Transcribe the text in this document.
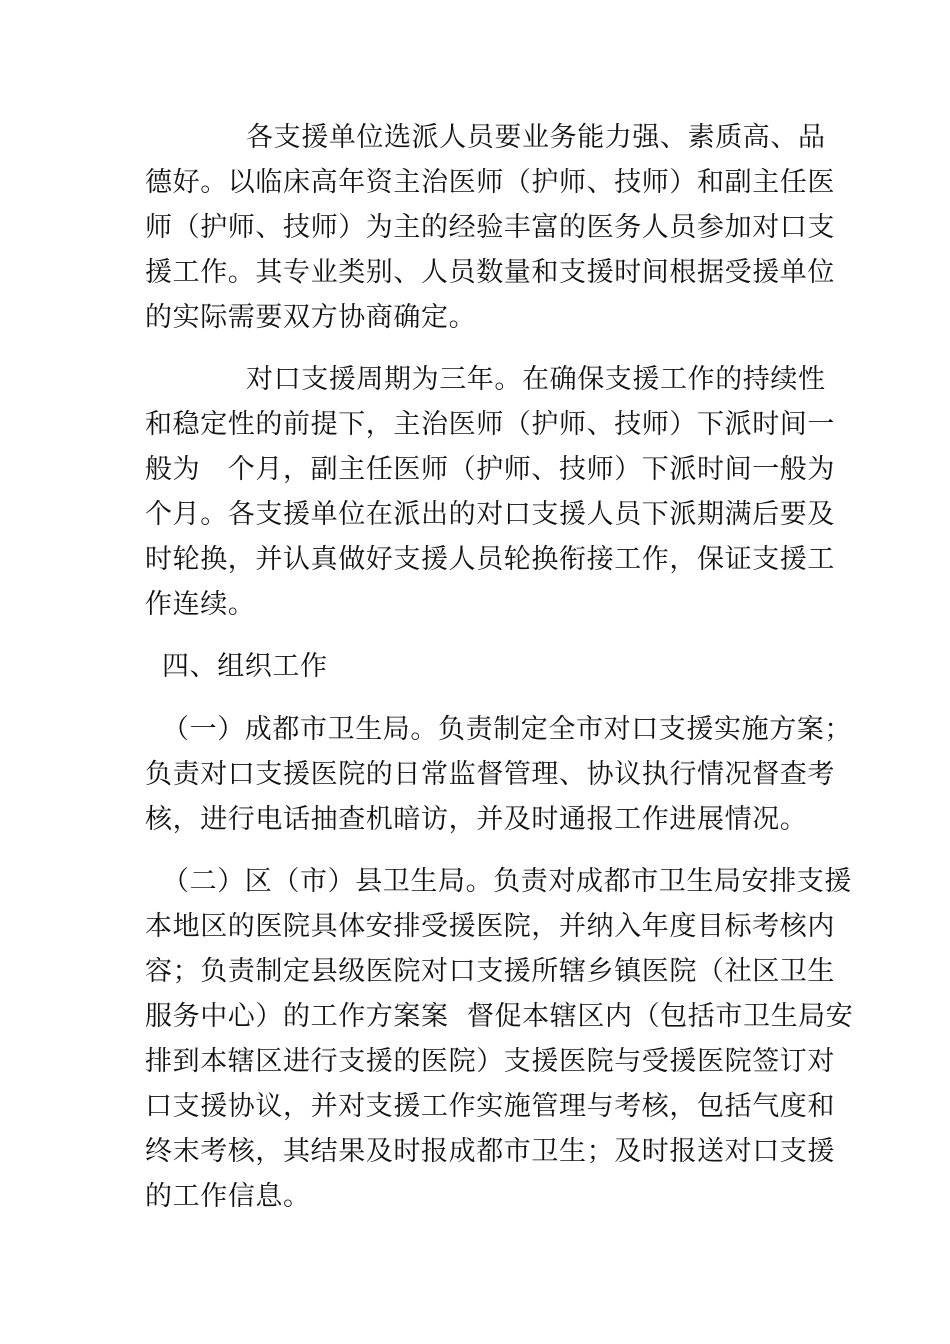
各支援单位选派人员要业务能力强、素质高、品
德好。以临床高年资主治医师（护师、技师）和副主任医
师（护师、技师）为主的经验丰富的医务人员参加对口支
援工作。其专业类别、人员数量和支援时间根据受援单位
的实际需要双方协商确定。
对口支援周期为三年。在确保支援工作的持续性
和稳定性的前提下，主治医师（护师、技师）下派时间一
般为　个月，副主任医师（护师、技师）下派时间一般为
个月。各支援单位在派出的对口支援人员下派期满后要及
时轮换，并认真做好支援人员轮换衔接工作，保证支援工
作连续。
四、组织工作
（一）成都市卫生局。负责制定全市对口支援实施方案；
负责对口支援医院的日常监督管理、协议执行情况督查考
核，进行电话抽查机暗访，并及时通报工作进展情况。
（二）区（市）县卫生局。负责对成都市卫生局安排支援
本地区的医院具体安排受援医院，并纳入年度目标考核内
容；负责制定县级医院对口支援所辖乡镇医院（社区卫生
服务中心）的工作方案案  督促本辖区内（包括市卫生局安
排到本辖区进行支援的医院）支援医院与受援医院签订对
口支援协议，并对支援工作实施管理与考核，包括气度和
终末考核，其结果及时报成都市卫生；及时报送对口支援
的工作信息。
